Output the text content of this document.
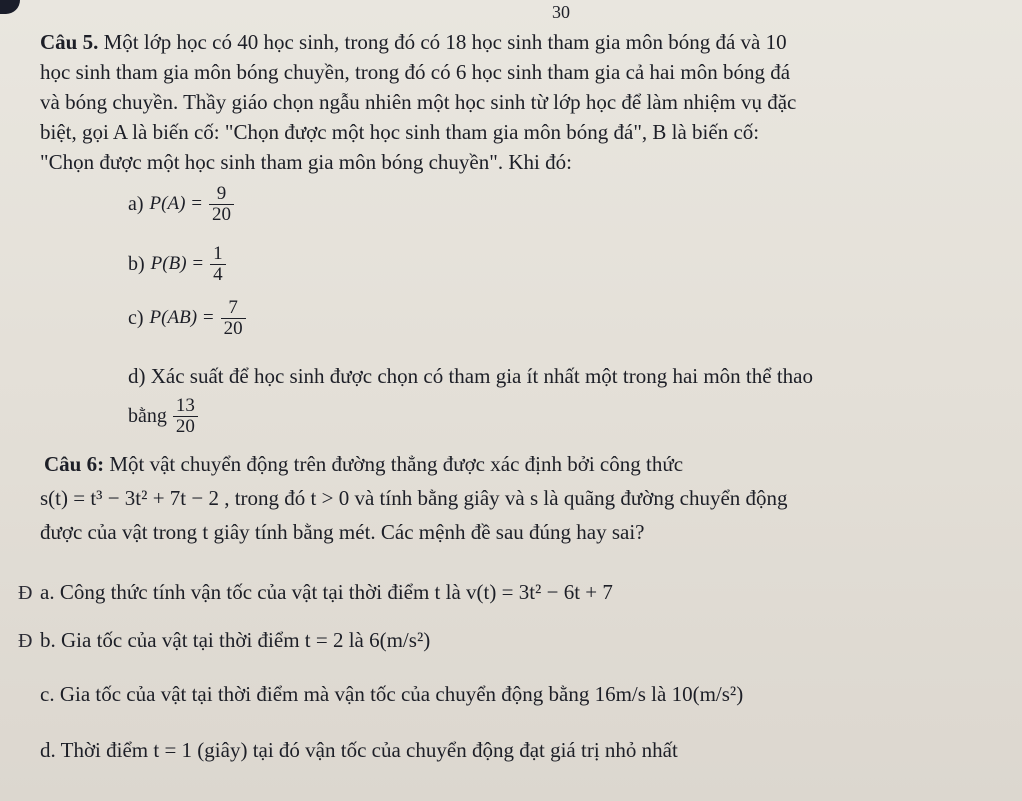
30
Câu 5. Một lớp học có 40 học sinh, trong đó có 18 học sinh tham gia môn bóng đá và 10
học sinh tham gia môn bóng chuyền, trong đó có 6 học sinh tham gia cả hai môn bóng đá
và bóng chuyền. Thầy giáo chọn ngẫu nhiên một học sinh từ lớp học để làm nhiệm vụ đặc
biệt, gọi A là biến cố: "Chọn được một học sinh tham gia môn bóng đá", B là biến cố:
"Chọn được một học sinh tham gia môn bóng chuyền". Khi đó:
a) $P(A) = \frac{9}{20}$
b) $P(B) = \frac{1}{4}$
c) $P(AB) = \frac{7}{20}$
d) Xác suất để học sinh được chọn có tham gia ít nhất một trong hai môn thể thao
bằng $\frac{13}{20}$
Câu 6: Một vật chuyển động trên đường thẳng được xác định bởi công thức
s(t) = t³ − 3t² + 7t − 2 , trong đó t > 0 và tính bằng giây và s là quãng đường chuyển động
được của vật trong t giây tính bằng mét. Các mệnh đề sau đúng hay sai?
Đ a. Công thức tính vận tốc của vật tại thời điểm t là v(t) = 3t² − 6t + 7
Đ b. Gia tốc của vật tại thời điểm t = 2 là 6(m/s²)
c. Gia tốc của vật tại thời điểm mà vận tốc của chuyển động bằng 16m/s là 10(m/s²)
d. Thời điểm t = 1 (giây) tại đó vận tốc của chuyển động đạt giá trị nhỏ nhất
